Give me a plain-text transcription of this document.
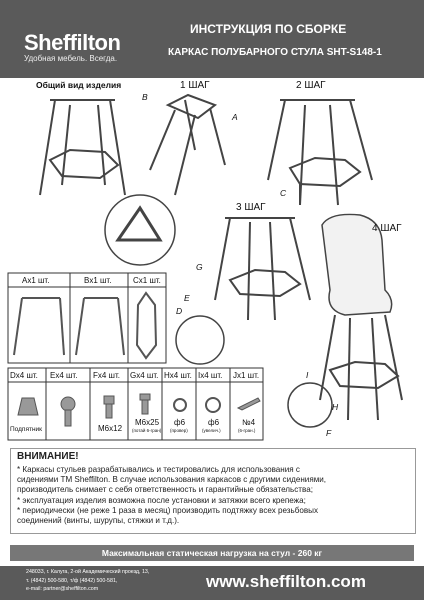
Sheffilton
Удобная мебель. Всегда.
ИНСТРУКЦИЯ ПО СБОРКЕ
КАРКАС ПОЛУБАРНОГО СТУЛА SHT-S148-1
Общий вид изделия	1 ШАГ	2 ШАГ
3 ШАГ
4 ШАГ
B
A
C
G
E
D
I
H
F
Ax1 шт.	Bx1 шт.	Cx1 шт.
Dx4 шт. Ex4 шт. Fx4 шт. Gx4 шт. Hx4 шт. Ix4 шт. Jx1 шт.
Подпятник	М6x12
М6x25
(потай 6-гран)
ф6
(провер)
ф6
(увелич.)
№4
(6-гран.)
ВНИМАНИЕ!
* Каркасы стульев разрабатывались и тестировались для использования с
сидениями ТМ Sheffilton. В случае использования каркасов с другими сидениями,
производитель снимает с себя ответственность и гарантийные обязательства;
* эксплуатация изделия возможна после установки и затяжки всего крепежа;
* периодически (не реже 1 раза в месяц) производить подтяжку всех резьбовых
соединений (винты, шурупы, стяжки и т.д.).
Максимальная статическая нагрузка на стул - 260 кг
248033, г. Калуга, 2-ой Академический проезд, 13,
т. (4842) 500-580, т/ф (4842) 500-581,
e-mail: partner@sheffilton.com	www.sheffilton.com
